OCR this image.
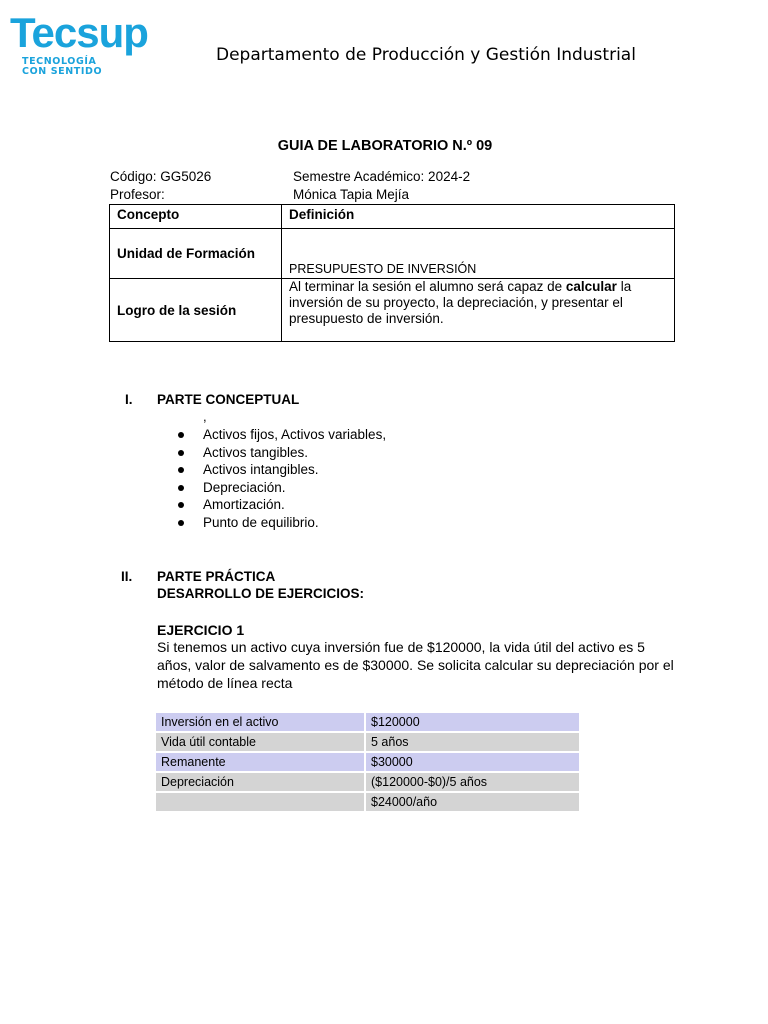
Tecsup
TECNOLOGÍA
CON SENTIDO
Departamento de Producción y Gestión Industrial
GUIA DE LABORATORIO N.º 09
Código: GG5026	Semestre Académico: 2024-2
Profesor:	Mónica Tapia Mejía
Concepto	Definición
Unidad de Formación	PRESUPUESTO DE INVERSIÓN
Logro de la sesión	Al terminar la sesión el alumno será capaz de calcular la inversión de su proyecto, la depreciación, y presentar el presupuesto de inversión.
I. PARTE CONCEPTUAL
,
Activos fijos, Activos variables,
Activos tangibles.
Activos intangibles.
Depreciación.
Amortización.
Punto de equilibrio.
II. PARTE PRÁCTICA
DESARROLLO DE EJERCICIOS:
EJERCICIO 1
Si tenemos un activo cuya inversión fue de $120000, la vida útil del activo es 5 años, valor de salvamento es de $30000. Se solicita calcular su depreciación por el método de línea recta
Inversión en el activo	$120000
Vida útil contable	5 años
Remanente	$30000
Depreciación	($120000-$0)/5 años
	$24000/año
